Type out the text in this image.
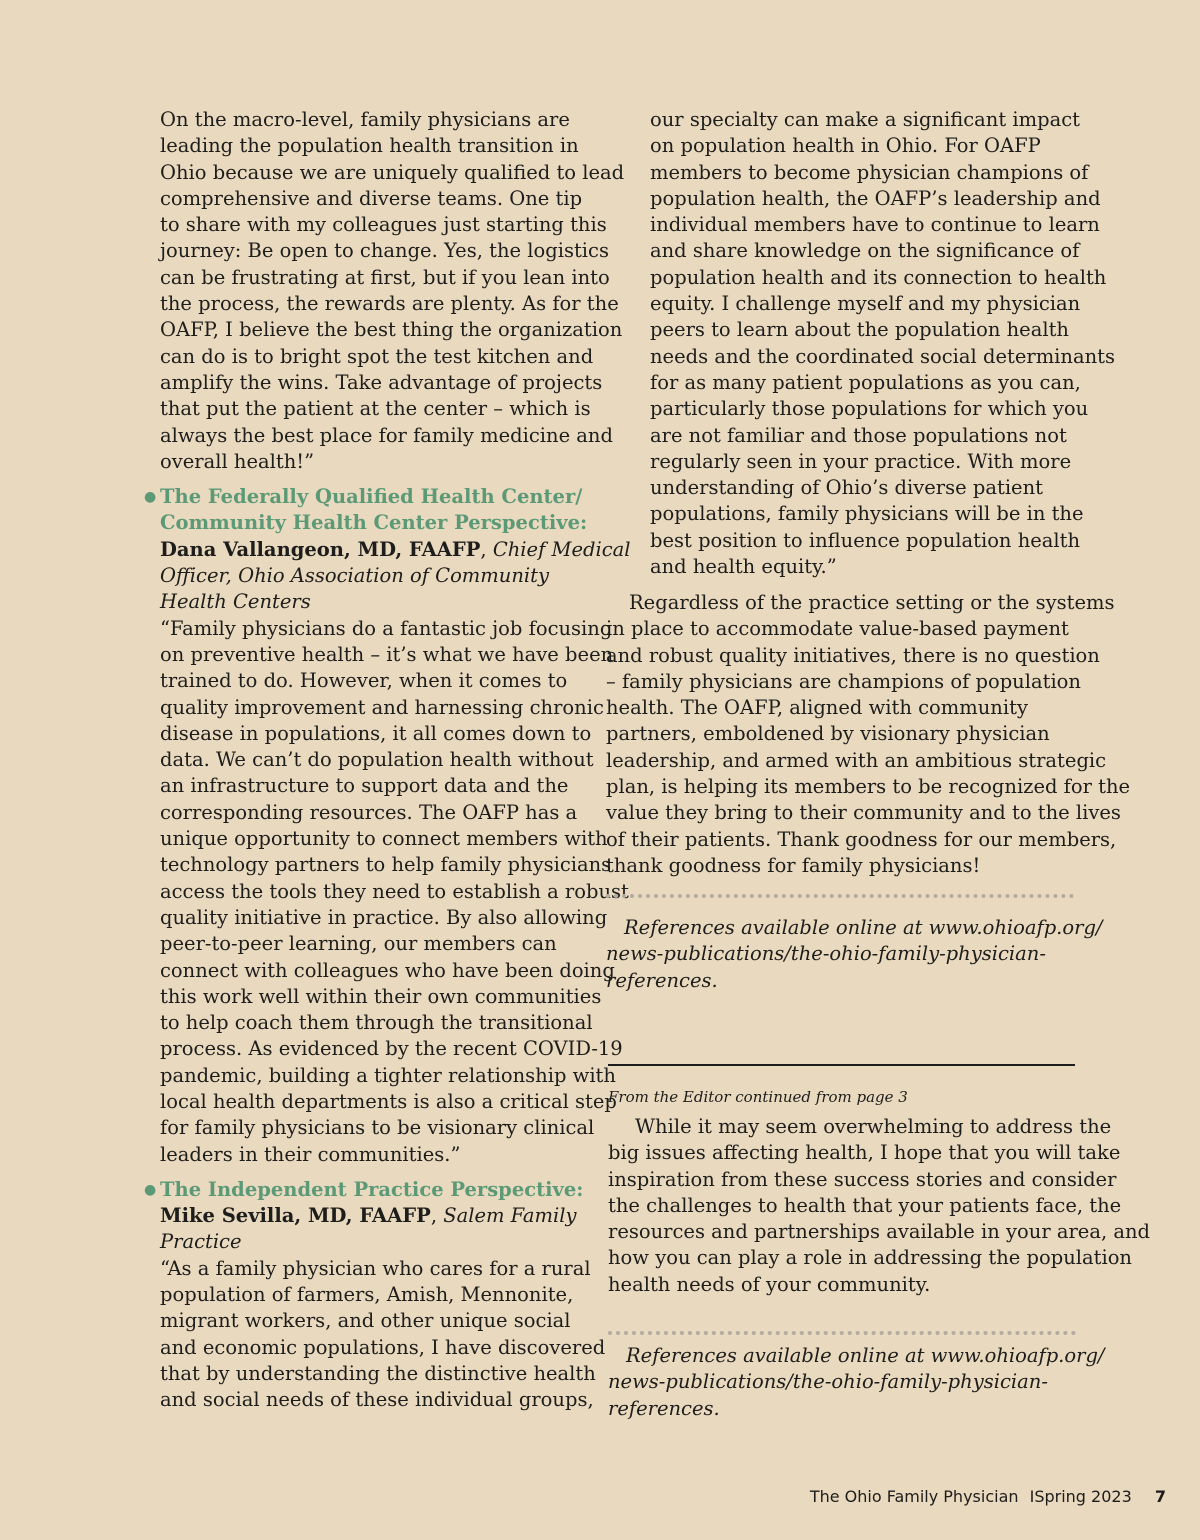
On the macro-level, family physicians are
leading the population health transition in
Ohio because we are uniquely qualified to lead
comprehensive and diverse teams. One tip
to share with my colleagues just starting this
journey: Be open to change. Yes, the logistics
can be frustrating at first, but if you lean into
the process, the rewards are plenty. As for the
OAFP, I believe the best thing the organization
can do is to bright spot the test kitchen and
amplify the wins. Take advantage of projects
that put the patient at the center – which is
always the best place for family medicine and
overall health!”
● The Federally Qualified Health Center/
Community Health Center Perspective:
Dana Vallangeon, MD, FAAFP, Chief Medical
Officer, Ohio Association of Community
Health Centers
“Family physicians do a fantastic job focusing
on preventive health – it’s what we have been
trained to do. However, when it comes to
quality improvement and harnessing chronic
disease in populations, it all comes down to
data. We can’t do population health without
an infrastructure to support data and the
corresponding resources. The OAFP has a
unique opportunity to connect members with
technology partners to help family physicians
access the tools they need to establish a robust
quality initiative in practice. By also allowing
peer-to-peer learning, our members can
connect with colleagues who have been doing
this work well within their own communities
to help coach them through the transitional
process. As evidenced by the recent COVID-19
pandemic, building a tighter relationship with
local health departments is also a critical step
for family physicians to be visionary clinical
leaders in their communities.”
● The Independent Practice Perspective:
Mike Sevilla, MD, FAAFP, Salem Family
Practice
“As a family physician who cares for a rural
population of farmers, Amish, Mennonite,
migrant workers, and other unique social
and economic populations, I have discovered
that by understanding the distinctive health
and social needs of these individual groups,
our specialty can make a significant impact
on population health in Ohio. For OAFP
members to become physician champions of
population health, the OAFP’s leadership and
individual members have to continue to learn
and share knowledge on the significance of
population health and its connection to health
equity. I challenge myself and my physician
peers to learn about the population health
needs and the coordinated social determinants
for as many patient populations as you can,
particularly those populations for which you
are not familiar and those populations not
regularly seen in your practice. With more
understanding of Ohio’s diverse patient
populations, family physicians will be in the
best position to influence population health
and health equity.”
Regardless of the practice setting or the systems
in place to accommodate value-based payment
and robust quality initiatives, there is no question
– family physicians are champions of population
health. The OAFP, aligned with community
partners, emboldened by visionary physician
leadership, and armed with an ambitious strategic
plan, is helping its members to be recognized for the
value they bring to their community and to the lives
of their patients. Thank goodness for our members,
thank goodness for family physicians!
References available online at www.ohioafp.org/
news-publications/the-ohio-family-physician-
references.
From the Editor continued from page 3
While it may seem overwhelming to address the
big issues affecting health, I hope that you will take
inspiration from these success stories and consider
the challenges to health that your patients face, the
resources and partnerships available in your area, and
how you can play a role in addressing the population
health needs of your community.
References available online at www.ohioafp.org/
news-publications/the-ohio-family-physician-
references.
The Ohio Family Physician ISpring 2023 7
